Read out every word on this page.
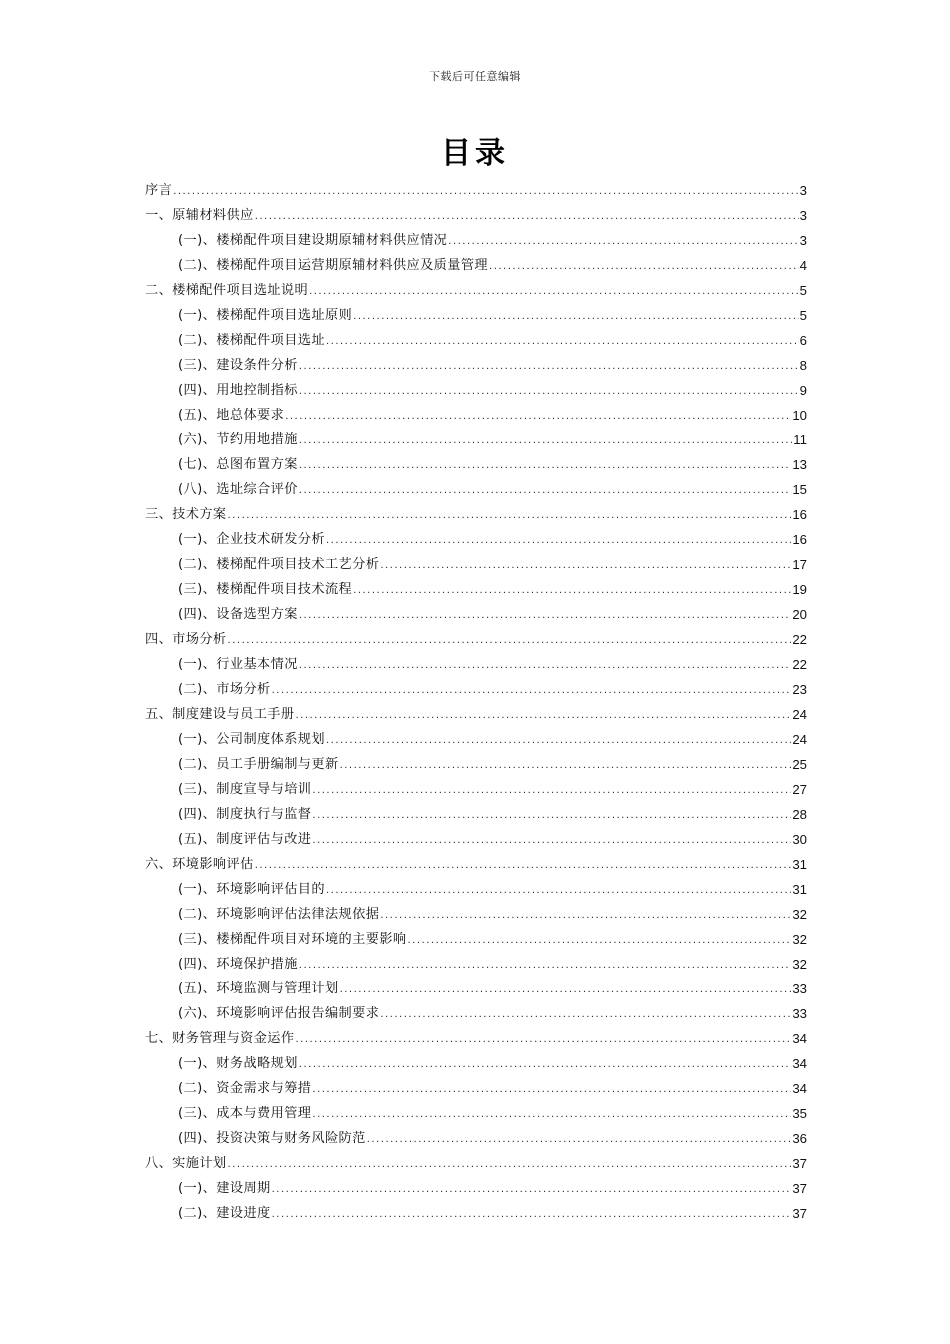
下载后可任意编辑
目录
序言 .....	3
一、原辅材料供应 .....	3
(一)、楼梯配件项目建设期原辅材料供应情况 .....	3
(二)、楼梯配件项目运营期原辅材料供应及质量管理 .....	4
二、楼梯配件项目选址说明 .....	5
(一)、楼梯配件项目选址原则 .....	5
(二)、楼梯配件项目选址 .....	6
(三)、建设条件分析 .....	8
(四)、用地控制指标 .....	9
(五)、地总体要求 .....	10
(六)、节约用地措施 .....	11
(七)、总图布置方案 .....	13
(八)、选址综合评价 .....	15
三、技术方案 .....	16
(一)、企业技术研发分析 .....	16
(二)、楼梯配件项目技术工艺分析 .....	17
(三)、楼梯配件项目技术流程 .....	19
(四)、设备选型方案 .....	20
四、市场分析 .....	22
(一)、行业基本情况 .....	22
(二)、市场分析 .....	23
五、制度建设与员工手册 .....	24
(一)、公司制度体系规划 .....	24
(二)、员工手册编制与更新 .....	25
(三)、制度宣导与培训 .....	27
(四)、制度执行与监督 .....	28
(五)、制度评估与改进 .....	30
六、环境影响评估 .....	31
(一)、环境影响评估目的 .....	31
(二)、环境影响评估法律法规依据 .....	32
(三)、楼梯配件项目对环境的主要影响 .....	32
(四)、环境保护措施 .....	32
(五)、环境监测与管理计划 .....	33
(六)、环境影响评估报告编制要求 .....	33
七、财务管理与资金运作 .....	34
(一)、财务战略规划 .....	34
(二)、资金需求与筹措 .....	34
(三)、成本与费用管理 .....	35
(四)、投资决策与财务风险防范 .....	36
八、实施计划 .....	37
(一)、建设周期 .....	37
(二)、建设进度 .....	37
